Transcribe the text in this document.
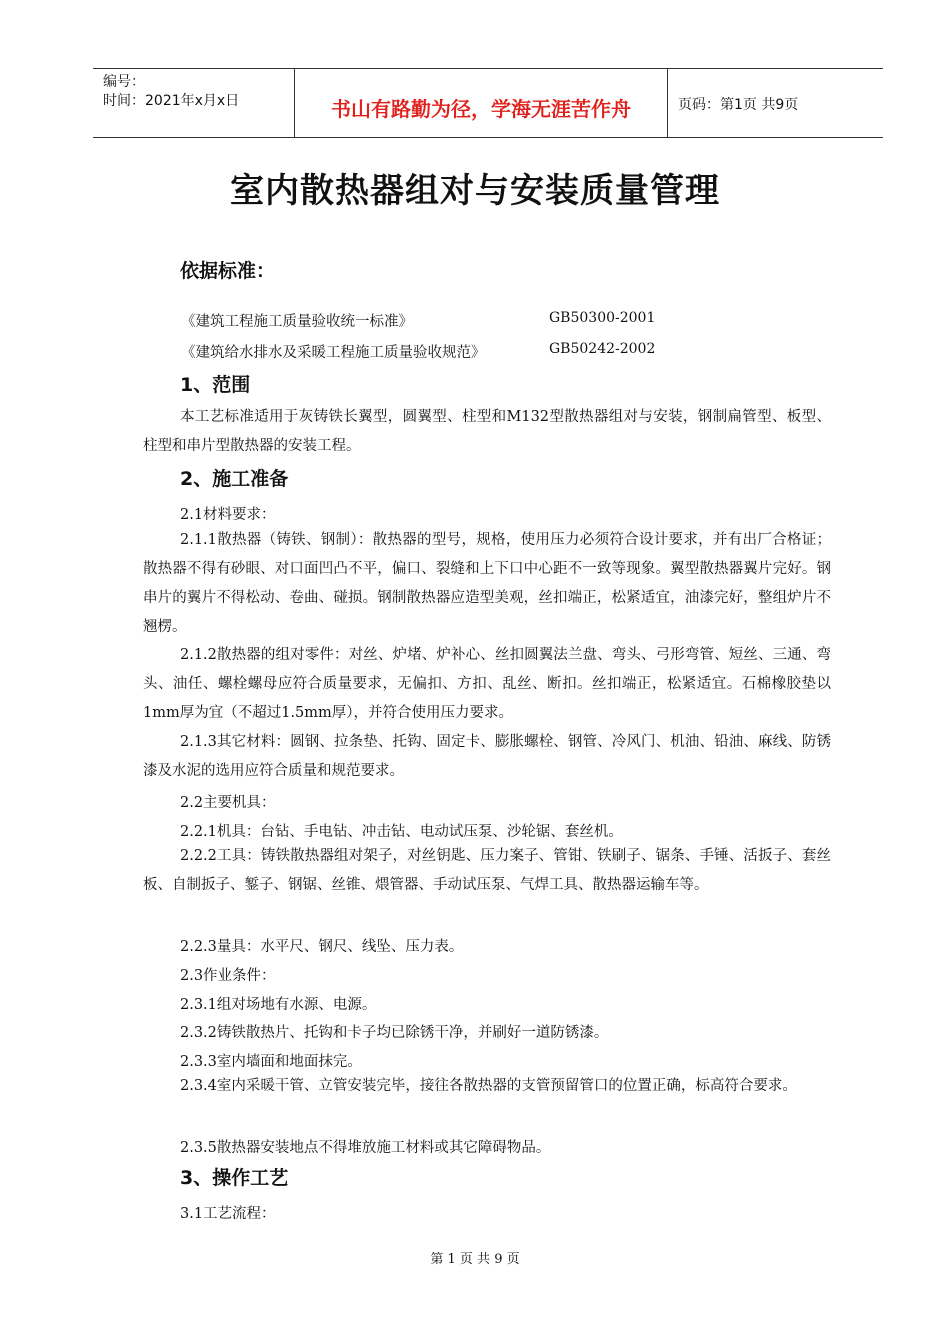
编号：
时间：2021年x月x日	书山有路勤为径，学海无涯苦作舟	页码：第1页 共9页
室内散热器组对与安装质量管理
依据标准：
《建筑工程施工质量验收统一标准》	GB50300-2001
《建筑给水排水及采暖工程施工质量验收规范》	GB50242-2002
1、范围
本工艺标准适用于灰铸铁长翼型，圆翼型、柱型和M132型散热器组对与安装，钢制扁管型、板型、柱型和串片型散热器的安装工程。
2、施工准备
2.1材料要求：
2.1.1散热器（铸铁、钢制）：散热器的型号，规格，使用压力必须符合设计要求，并有出厂合格证；散热器不得有砂眼、对口面凹凸不平，偏口、裂缝和上下口中心距不一致等现象。翼型散热器翼片完好。钢串片的翼片不得松动、卷曲、碰损。钢制散热器应造型美观，丝扣端正，松紧适宜，油漆完好，整组炉片不翘楞。
2.1.2散热器的组对零件：对丝、炉堵、炉补心、丝扣圆翼法兰盘、弯头、弓形弯管、短丝、三通、弯头、油任、螺栓螺母应符合质量要求，无偏扣、方扣、乱丝、断扣。丝扣端正，松紧适宜。石棉橡胶垫以1mm厚为宜（不超过1.5mm厚），并符合使用压力要求。
2.1.3其它材料：圆钢、拉条垫、托钩、固定卡、膨胀螺栓、钢管、冷风门、机油、铅油、麻线、防锈漆及水泥的选用应符合质量和规范要求。
2.2主要机具：
2.2.1机具：台钻、手电钻、冲击钻、电动试压泵、沙轮锯、套丝机。
2.2.2工具：铸铁散热器组对架子，对丝钥匙、压力案子、管钳、铁刷子、锯条、手锤、活扳子、套丝板、自制扳子、錾子、钢锯、丝锥、煨管器、手动试压泵、气焊工具、散热器运输车等。
2.2.3量具：水平尺、钢尺、线坠、压力表。
2.3作业条件：
2.3.1组对场地有水源、电源。
2.3.2铸铁散热片、托钩和卡子均已除锈干净，并刷好一道防锈漆。
2.3.3室内墙面和地面抹完。
2.3.4室内采暖干管、立管安装完毕，接往各散热器的支管预留管口的位置正确，标高符合要求。
2.3.5散热器安装地点不得堆放施工材料或其它障碍物品。
3、操作工艺
3.1工艺流程：
第 1 页 共 9 页
